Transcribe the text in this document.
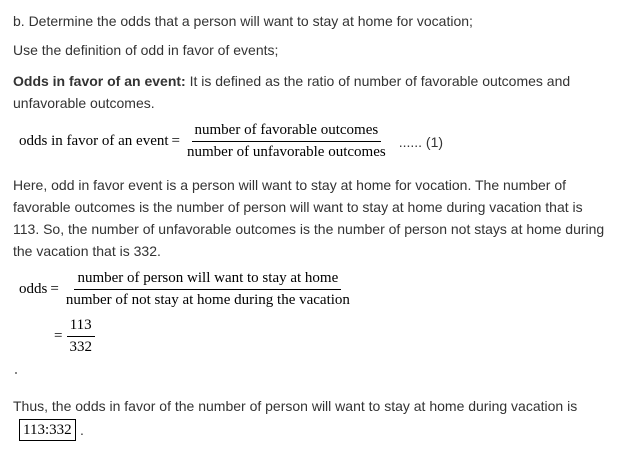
b. Determine the odds that a person will want to stay at home for vocation;
Use the definition of odd in favor of events;
Odds in favor of an event: It is defined as the ratio of number of favorable outcomes and
unfavorable outcomes.
odds in favor of an event = $\frac{\text{number of favorable outcomes}}{\text{number of unfavorable outcomes}}$ ...... (1)
Here, odd in favor event is a person will want to stay at home for vocation. The number of
favorable outcomes is the number of person will want to stay at home during vacation that is
113. So, the number of unfavorable outcomes is the number of person not stays at home during
the vacation that is 332.
odds = $\frac{\text{number of person will want to stay at home}}{\text{number of not stay at home during the vacation}}$
= $\frac{113}{332}$
Thus, the odds in favor of the number of person will want to stay at home during vacation is
113:332 .
